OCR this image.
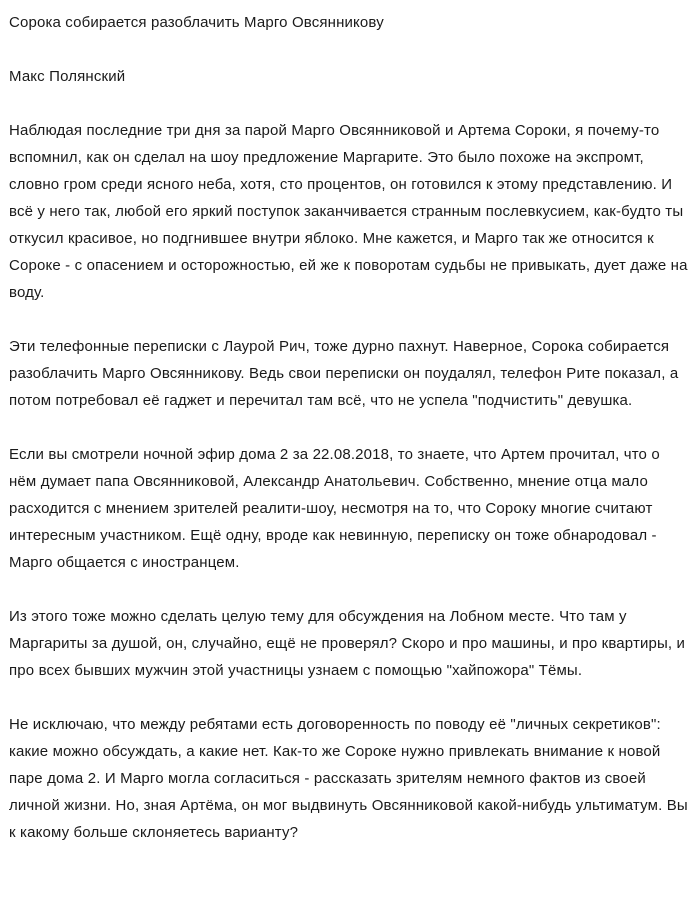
Сорока собирается разоблачить Марго Овсянникову
Макс Полянский

Наблюдая последние три дня за парой Марго Овсянниковой и Артема Сороки, я почему-то вспомнил, как он сделал на шоу предложение Маргарите. Это было похоже на экспромт, словно гром среди ясного неба, хотя, сто процентов, он готовился к этому представлению. И всё у него так, любой его яркий поступок заканчивается странным послевкусием, как-будто ты откусил красивое, но подгнившее внутри яблоко. Мне кажется, и Марго так же относится к Сороке - с опасением и осторожностью, ей же к поворотам судьбы не привыкать, дует даже на воду.

Эти телефонные переписки с Лаурой Рич, тоже дурно пахнут. Наверное, Сорока собирается разоблачить Марго Овсянникову. Ведь свои переписки он поудалял, телефон Рите показал, а потом потребовал её гаджет и перечитал там всё, что не успела "подчистить" девушка.

Если вы смотрели ночной эфир дома 2 за 22.08.2018, то знаете, что Артем прочитал, что о нём думает папа Овсянниковой, Александр Анатольевич. Собственно, мнение отца мало расходится с мнением зрителей реалити-шоу, несмотря на то, что Сороку многие считают интересным участником. Ещё одну, вроде как невинную, переписку он тоже обнародовал - Марго общается с иностранцем.

Из этого тоже можно сделать целую тему для обсуждения на Лобном месте. Что там у Маргариты за душой, он, случайно, ещё не проверял? Скоро и про машины, и про квартиры, и про всех бывших мужчин этой участницы узнаем с помощью "хайпожора" Тёмы.

Не исключаю, что между ребятами есть договоренность по поводу её "личных секретиков": какие можно обсуждать, а какие нет. Как-то же Сороке нужно привлекать внимание к новой паре дома 2. И Марго могла согласиться - рассказать зрителям немного фактов из своей личной жизни. Но, зная Артёма, он мог выдвинуть Овсянниковой какой-нибудь ультиматум. Вы к какому больше склоняетесь варианту?
